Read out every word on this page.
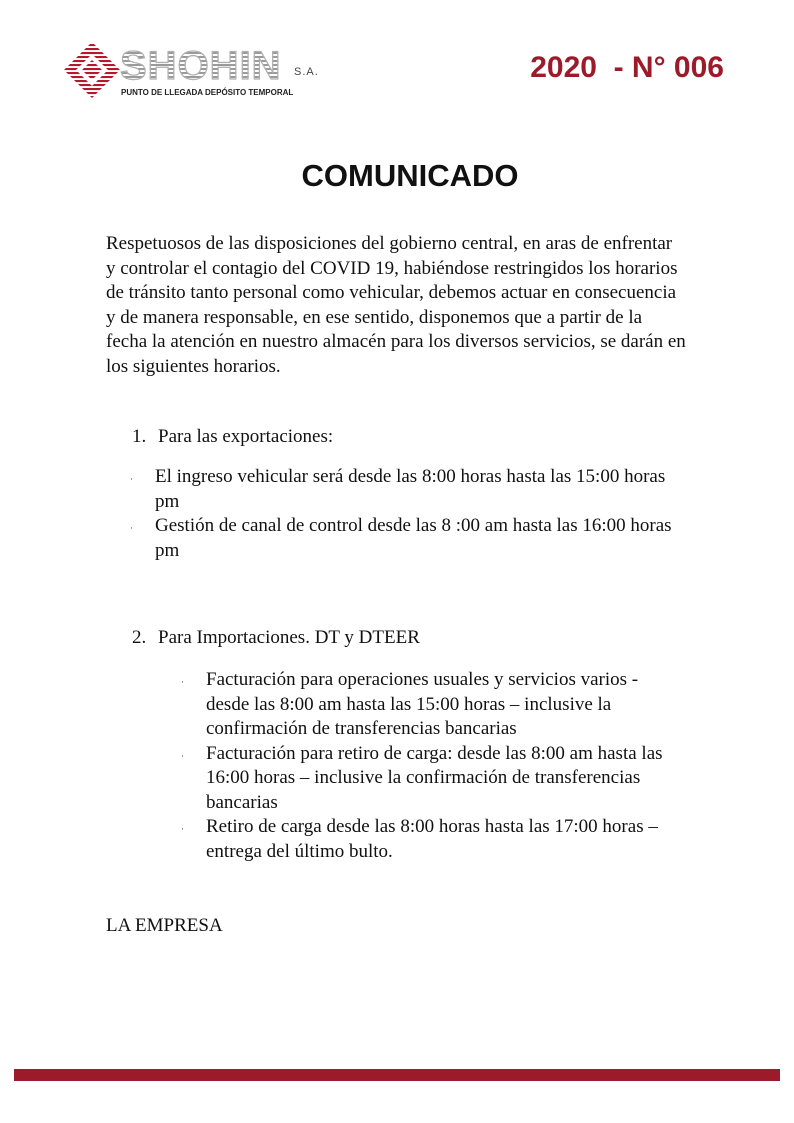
SHOHIN S.A.
PUNTO DE LLEGADA DEPÓSITO TEMPORAL
2020  - N° 006
COMUNICADO
Respetuosos de las disposiciones del gobierno central, en aras de enfrentar y controlar el contagio del COVID 19, habiéndose restringidos los horarios de tránsito tanto personal como vehicular, debemos actuar en consecuencia y de manera responsable, en ese sentido, disponemos que a partir de la fecha la atención en nuestro almacén para los diversos servicios, se darán en los siguientes horarios.
1. Para las exportaciones:
· El ingreso vehicular será desde las 8:00 horas hasta las 15:00 horas pm
· Gestión de canal de control desde las 8 :00 am hasta las 16:00 horas pm
2. Para Importaciones. DT y DTEER
· Facturación para operaciones usuales y servicios varios - desde las 8:00 am hasta las 15:00 horas – inclusive la confirmación de transferencias bancarias
· Facturación para retiro de carga: desde las 8:00 am hasta las 16:00 horas – inclusive la confirmación de transferencias bancarias
· Retiro de carga desde las 8:00 horas hasta las 17:00 horas – entrega del último bulto.
LA EMPRESA
